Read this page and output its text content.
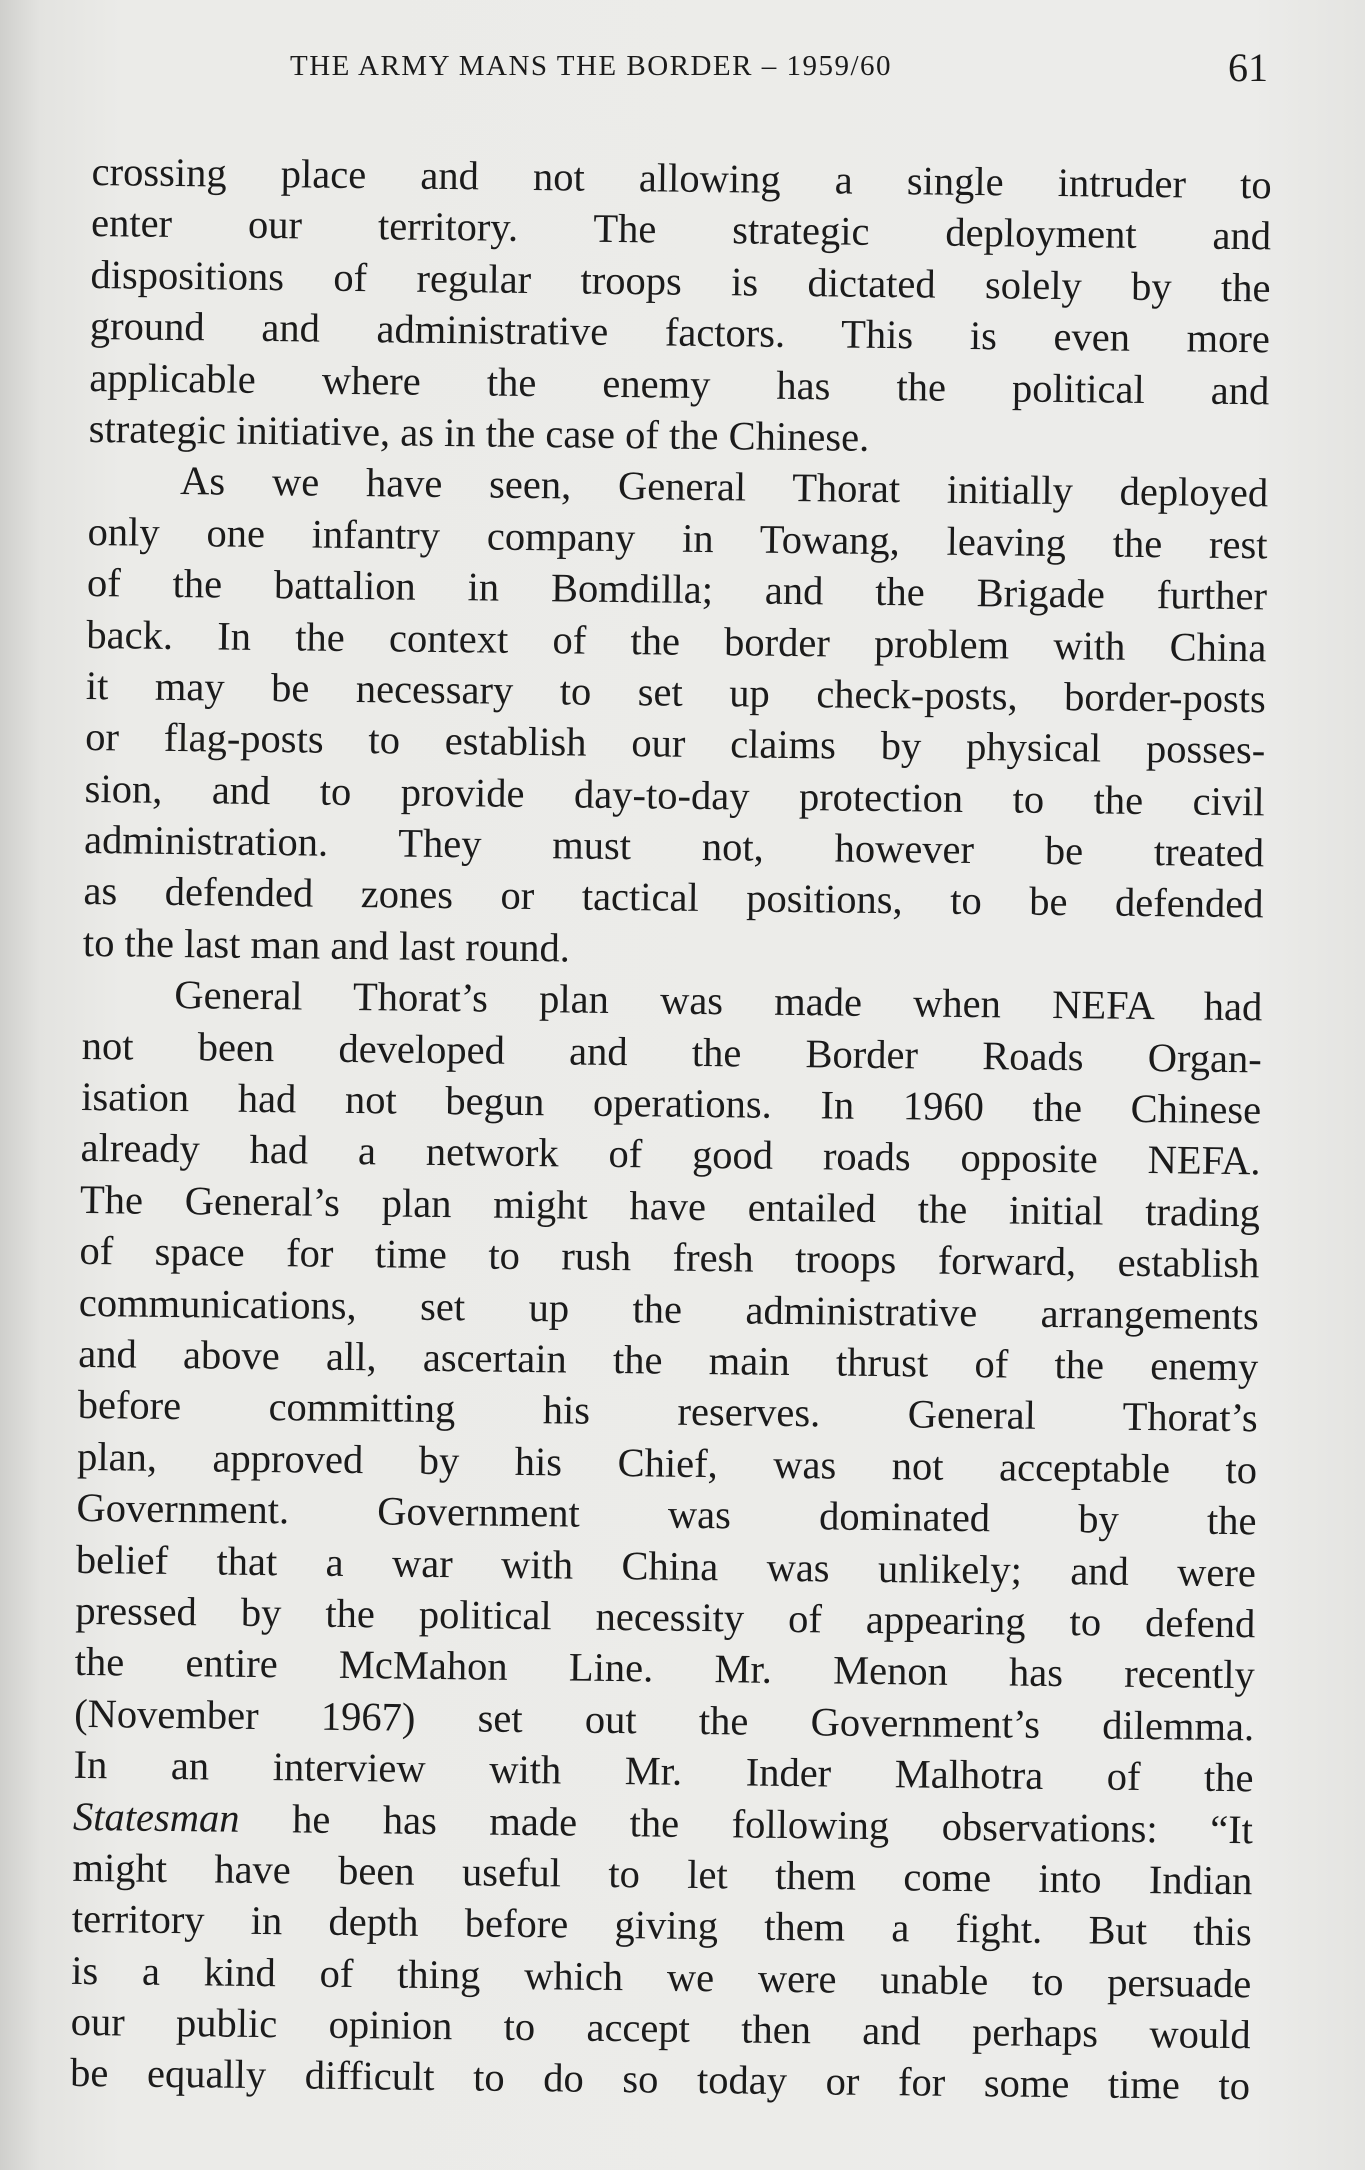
THE ARMY MANS THE BORDER – 1959/60	61
crossing place and not allowing a single intruder to
enter our territory. The strategic deployment and
dispositions of regular troops is dictated solely by the
ground and administrative factors. This is even more
applicable where the enemy has the political and
strategic initiative, as in the case of the Chinese.
As we have seen, General Thorat initially deployed
only one infantry company in Towang, leaving the rest
of the battalion in Bomdilla; and the Brigade further
back. In the context of the border problem with China
it may be necessary to set up check-posts, border-posts
or flag-posts to establish our claims by physical posses-
sion, and to provide day-to-day protection to the civil
administration. They must not, however be treated
as defended zones or tactical positions, to be defended
to the last man and last round.
General Thorat’s plan was made when NEFA had
not been developed and the Border Roads Organ-
isation had not begun operations. In 1960 the Chinese
already had a network of good roads opposite NEFA.
The General’s plan might have entailed the initial trading
of space for time to rush fresh troops forward, establish
communications, set up the administrative arrangements
and above all, ascertain the main thrust of the enemy
before committing his reserves. General Thorat’s
plan, approved by his Chief, was not acceptable to
Government. Government was dominated by the
belief that a war with China was unlikely; and were
pressed by the political necessity of appearing to defend
the entire McMahon Line. Mr. Menon has recently
(November 1967) set out the Government’s dilemma.
In an interview with Mr. Inder Malhotra of the
Statesman he has made the following observations: “It
might have been useful to let them come into Indian
territory in depth before giving them a fight. But this
is a kind of thing which we were unable to persuade
our public opinion to accept then and perhaps would
be equally difficult to do so today or for some time to
